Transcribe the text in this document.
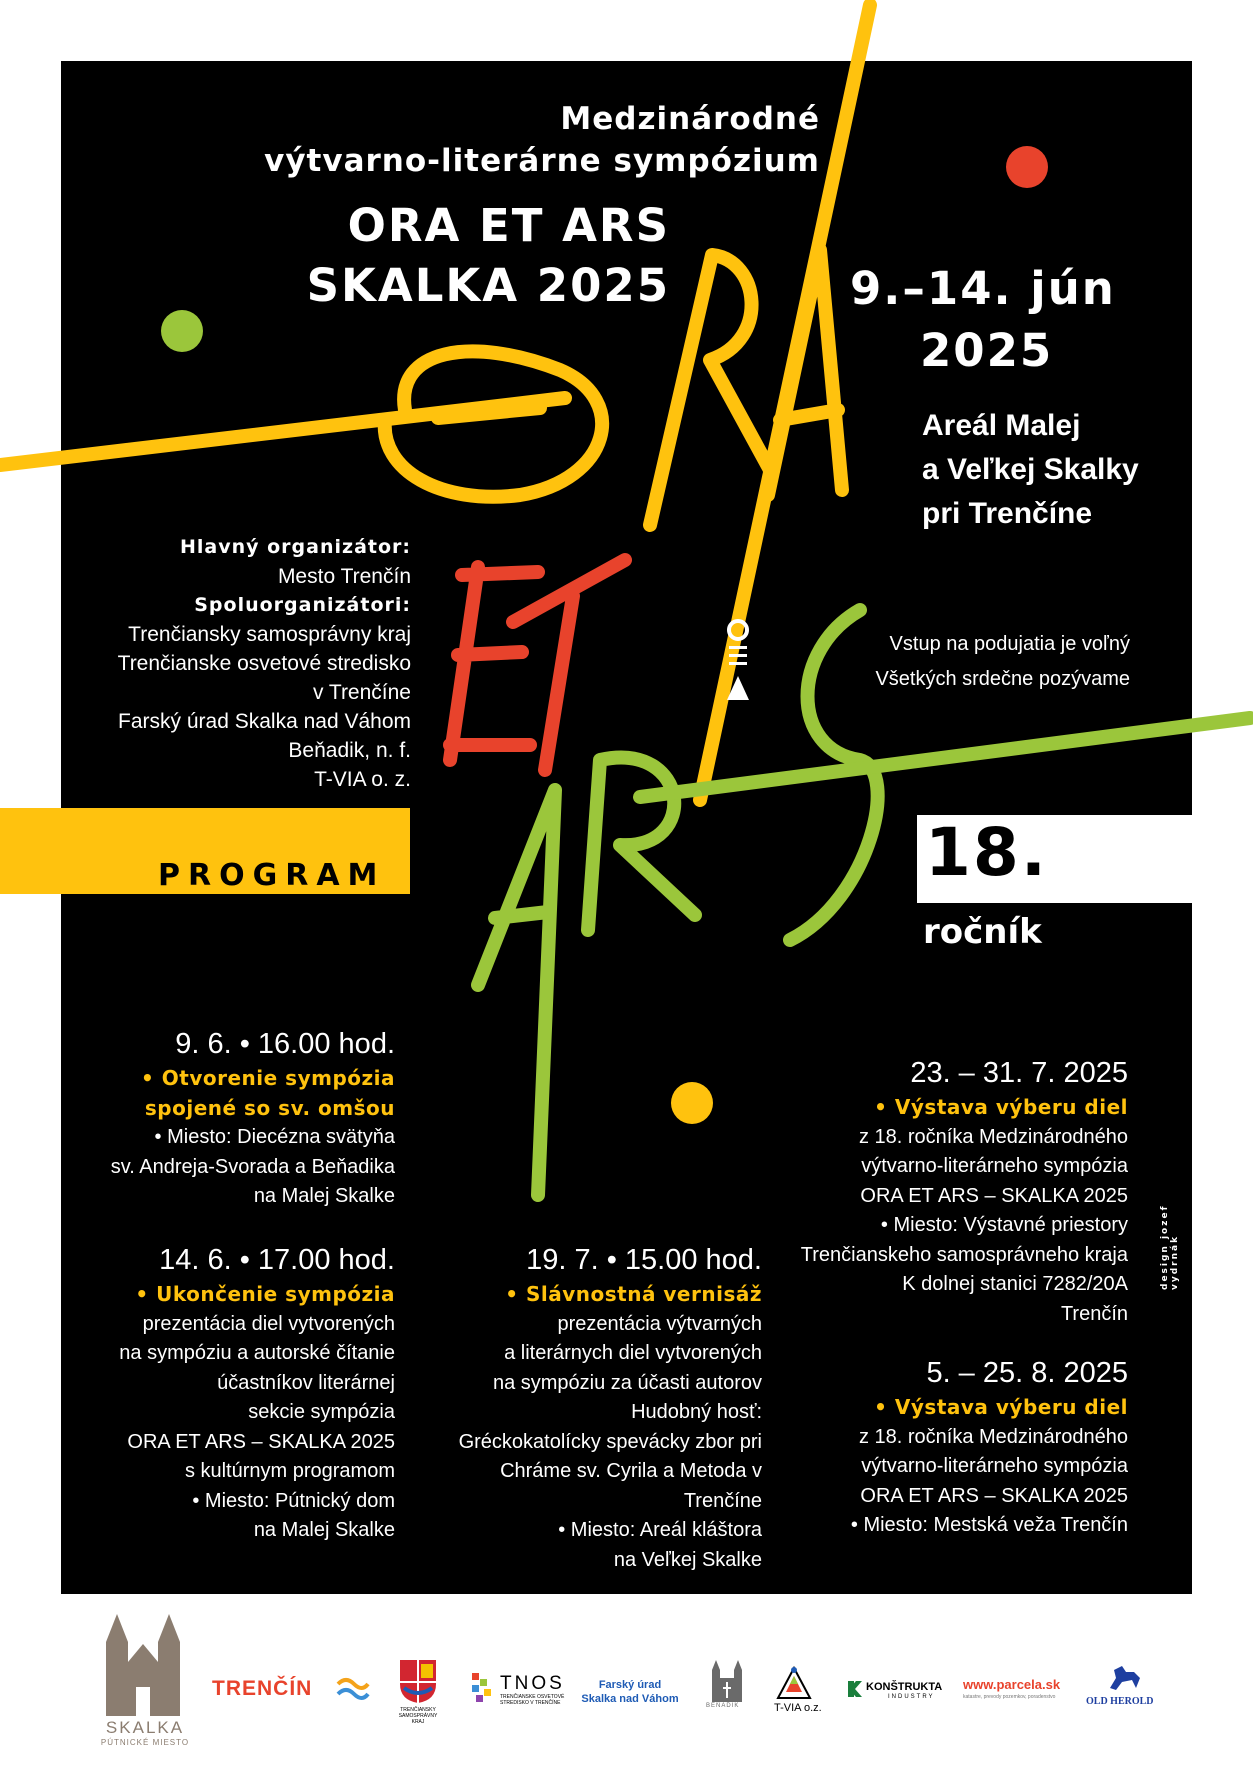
Medzinárodné
výtvarno-literárne sympózium
ORA ET ARS
SKALKA 2025	9.–14. jún
2025
Areál Malej
a Veľkej Skalky
pri Trenčíne
Hlavný organizátor:
Mesto Trenčín
Spoluorganizátori:
Trenčiansky samosprávny kraj
Trenčianske osvetové stredisko
v Trenčíne
Farský úrad Skalka nad Váhom
Beňadik, n. f.
T-VIA o. z.
Vstup na podujatia je voľný
Všetkých srdečne pozývame
PROGRAM	18.
ročník
9. 6. • 16.00 hod.
• Otvorenie sympózia
spojené so sv. omšou
• Miesto: Diecézna svätyňa
sv. Andreja-Svorada a Beňadika
na Malej Skalke
14. 6. • 17.00 hod.
• Ukončenie sympózia
prezentácia diel vytvorených
na sympóziu a autorské čítanie
účastníkov literárnej
sekcie sympózia
ORA ET ARS – SKALKA 2025
s kultúrnym programom
• Miesto: Pútnický dom
na Malej Skalke
19. 7. • 15.00 hod.
• Slávnostná vernisáž
prezentácia výtvarných
a literárnych diel vytvorených
na sympóziu za účasti autorov
Hudobný hosť:
Gréckokatolícky spevácky zbor pri
Chráme sv. Cyrila a Metoda v Trenčíne
• Miesto: Areál kláštora
na Veľkej Skalke
23. – 31. 7. 2025
• Výstava výberu diel
z 18. ročníka Medzinárodného
výtvarno-literárneho sympózia
ORA ET ARS – SKALKA 2025
• Miesto: Výstavné priestory
Trenčianskeho samosprávneho kraja
K dolnej stanici 7282/20A
Trenčín
5. – 25. 8. 2025
• Výstava výberu diel
z 18. ročníka Medzinárodného
výtvarno-literárneho sympózia
ORA ET ARS – SKALKA 2025
• Miesto: Mestská veža Trenčín
design jozef vydrnák
SKALKA
PÚTNICKÉ MIESTO
TRENČÍN
TRENČIANSKY SAMOSPRÁVNY KRAJ
TNOS
TRENČIANSKE OSVETOVÉ STREDISKO V TRENČÍNE
Farský úrad
Skalka nad Váhom
BEŇADIK	T-VIA o.z.
KONŠTRUKTA
INDUSTRY
www.parcela.sk
katastre, prevody pozemkov, poradenstvo	OLD HEROLD
